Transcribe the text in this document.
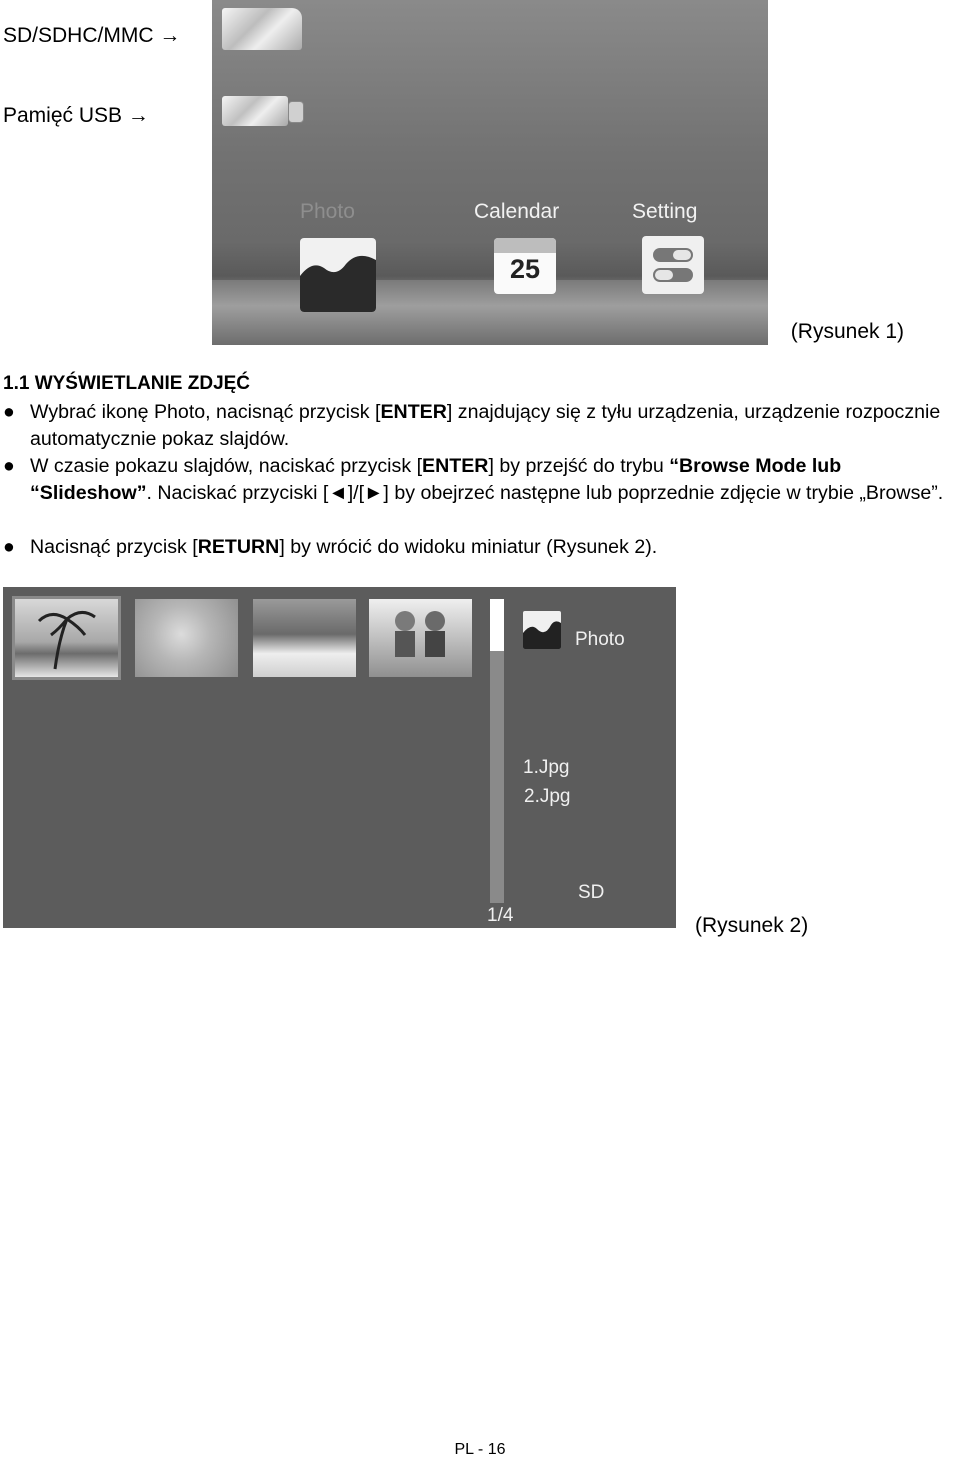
SD/SDHC/MMC →
Pamięć USB →
Photo	Calendar	Setting
25
(Rysunek 1)
1.1 WYŚWIETLANIE ZDJĘĆ
● Wybrać ikonę Photo, nacisnąć przycisk [ENTER] znajdujący się z tyłu urządzenia, urządzenie rozpocznie automatycznie pokaz slajdów.
● W czasie pokazu slajdów, naciskać przycisk [ENTER] by przejść do trybu “Browse Mode lub “Slideshow”. Naciskać przyciski [◄]/[►] by obejrzeć następne lub poprzednie zdjęcie w trybie „Browse”.
● Nacisnąć przycisk [RETURN] by wrócić do widoku miniatur (Rysunek 2).
Photo
1.Jpg
2.Jpg
1/4
SD
(Rysunek 2)
PL - 16
